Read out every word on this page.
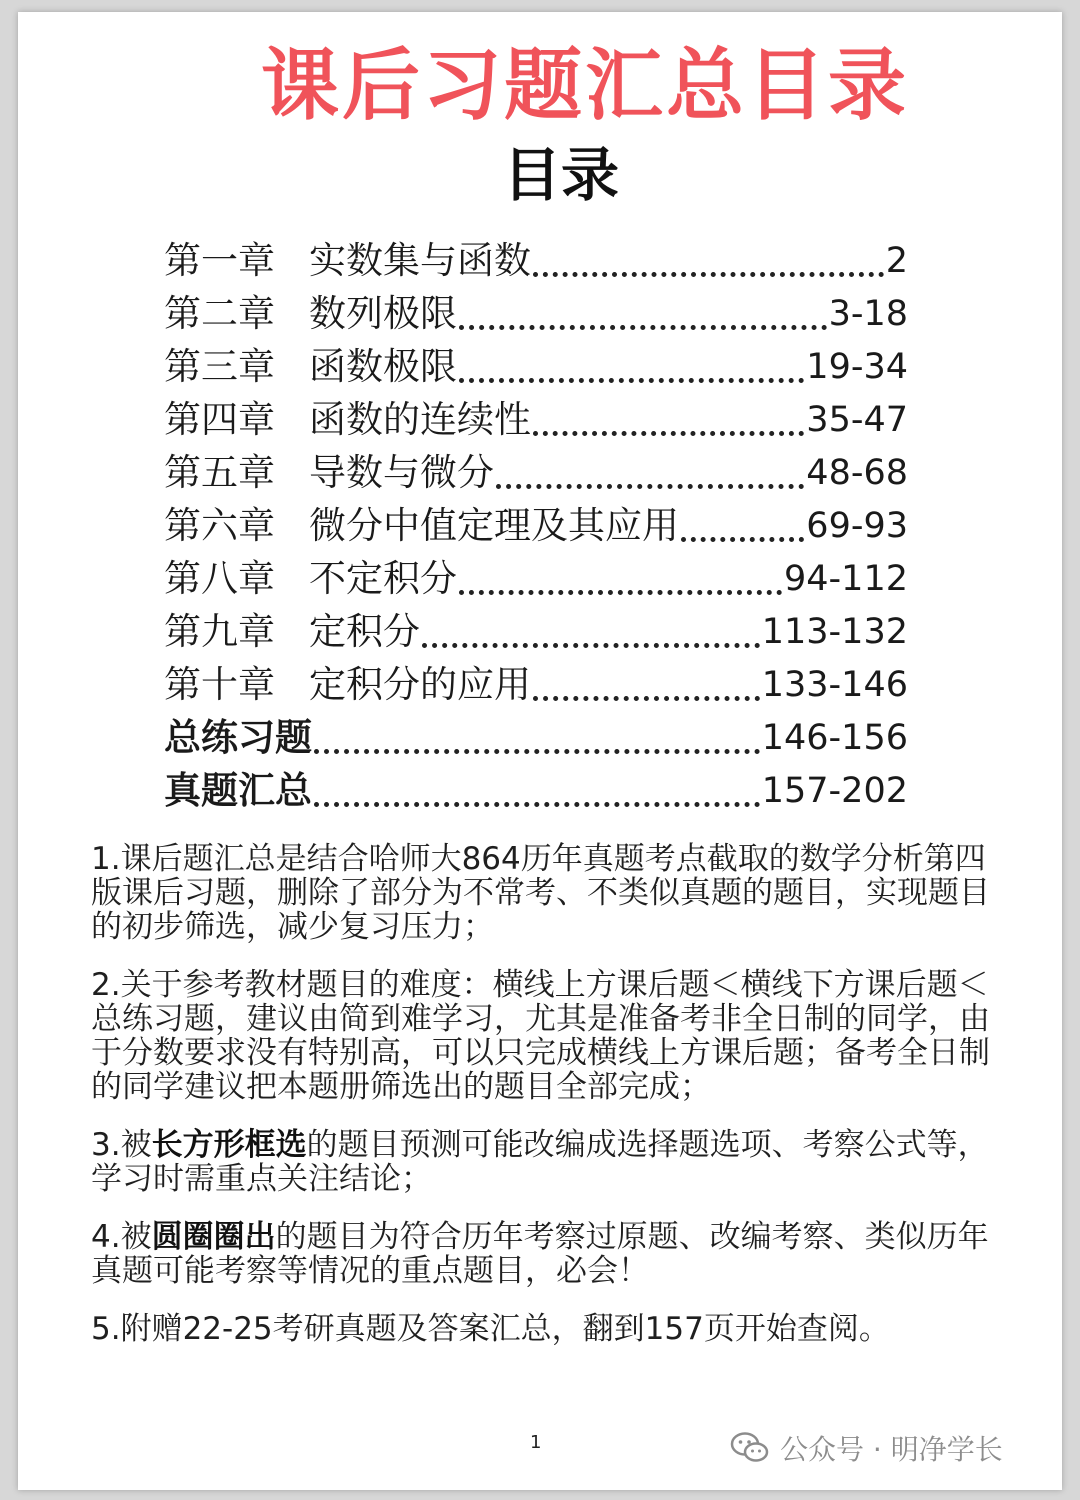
课后习题汇总目录
目录
第一章 实数集与函数	2
第二章 数列极限	3-18
第三章 函数极限	19-34
第四章 函数的连续性	35-47
第五章 导数与微分	48-68
第六章 微分中值定理及其应用	69-93
第八章 不定积分	94-112
第九章 定积分	113-132
第十章 定积分的应用	133-146
总练习题	146-156
真题汇总	157-202
1.课后题汇总是结合哈师大864历年真题考点截取的数学分析第四版课后习题，删除了部分为不常考、不类似真题的题目，实现题目的初步筛选，减少复习压力；
2.关于参考教材题目的难度：横线上方课后题＜横线下方课后题＜总练习题，建议由简到难学习，尤其是准备考非全日制的同学，由于分数要求没有特别高，可以只完成横线上方课后题；备考全日制的同学建议把本题册筛选出的题目全部完成；
3.被长方形框选的题目预测可能改编成选择题选项、考察公式等，学习时需重点关注结论；
4.被圆圈圈出的题目为符合历年考察过原题、改编考察、类似历年真题可能考察等情况的重点题目，必会！
5.附赠22-25考研真题及答案汇总，翻到157页开始查阅。
1	公众号 · 明净学长
